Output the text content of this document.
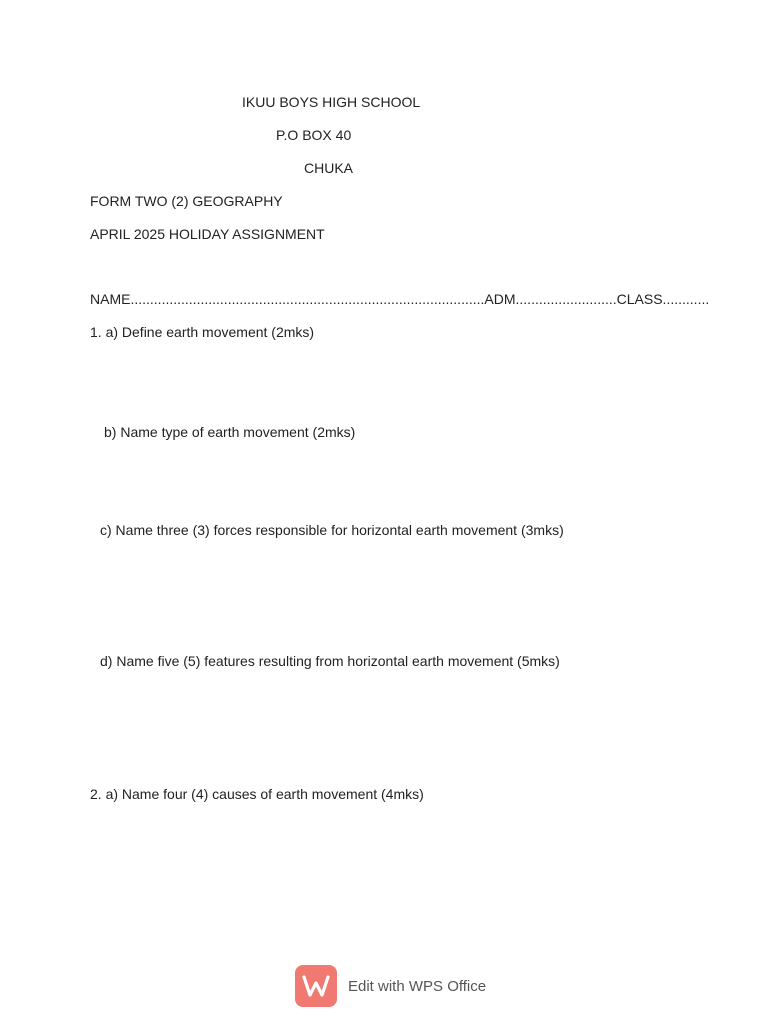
IKUU BOYS HIGH SCHOOL
P.O BOX 40
CHUKA
FORM TWO (2) GEOGRAPHY
APRIL 2025 HOLIDAY ASSIGNMENT
NAME...........................................................................................ADM..........................CLASS............
1. a) Define earth movement (2mks)
b) Name type of earth movement (2mks)
c) Name three (3) forces responsible for horizontal earth movement (3mks)
d) Name five (5) features resulting from horizontal earth movement (5mks)
2. a) Name four (4) causes of earth movement (4mks)
Edit with WPS Office
